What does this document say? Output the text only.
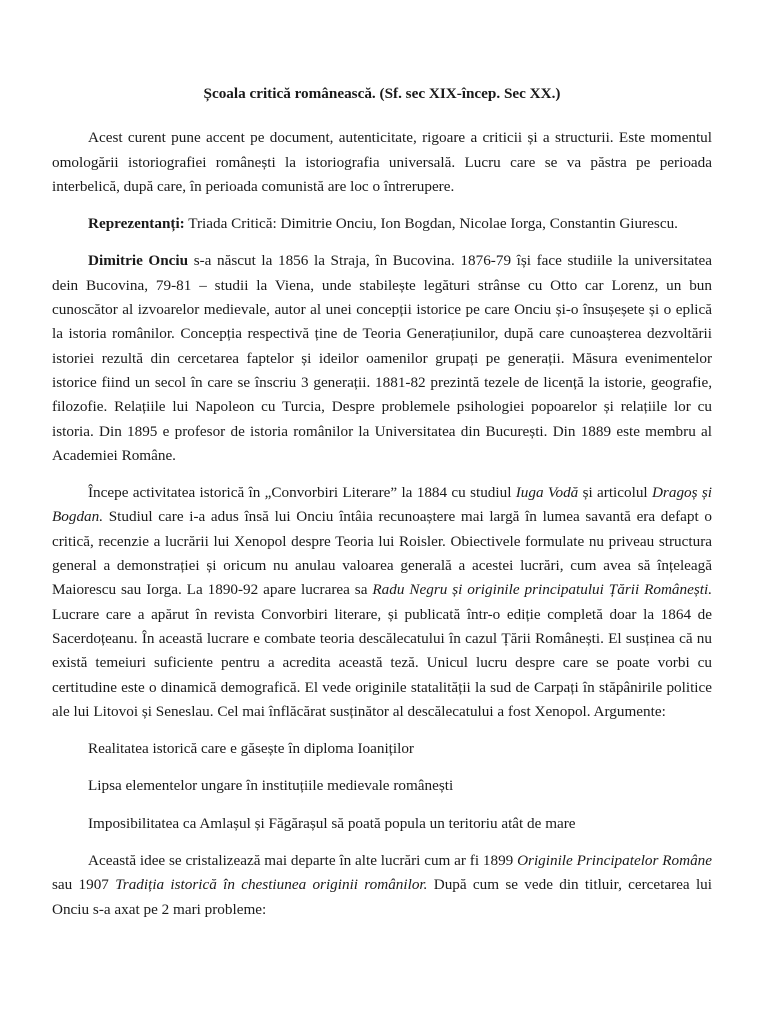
Școala critică românească. (Sf. sec XIX-încep. Sec XX.)

Acest curent pune accent pe document, autenticitate, rigoare a criticii și a structurii. Este momentul omologării istoriografiei românești la istoriografia universală. Lucru care se va păstra pe perioada interbelică, după care, în perioada comunistă are loc o întrerupere.

Reprezentanți: Triada Critică: Dimitrie Onciu, Ion Bogdan, Nicolae Iorga, Constantin Giurescu.

Dimitrie Onciu s-a născut la 1856 la Straja, în Bucovina. 1876-79 își face studiile la universitatea dein Bucovina, 79-81 – studii la Viena, unde stabilește legături strânse cu Otto car Lorenz, un bun cunoscător al izvoarelor medievale, autor al unei concepții istorice pe care Onciu și-o însușeșete și o eplică la istoria românilor. Concepția respectivă ține de Teoria Generațiunilor, după care cunoașterea dezvoltării istoriei rezultă din cercetarea faptelor și ideilor oamenilor grupați pe generații. Măsura evenimentelor istorice fiind un secol în care se înscriu 3 generații. 1881-82 prezintă tezele de licență la istorie, geografie, filozofie. Relațiile lui Napoleon cu Turcia, Despre problemele psihologiei popoarelor și relațiile lor cu istoria. Din 1895 e profesor de istoria românilor la Universitatea din București. Din 1889 este membru al Academiei Române.

Începe activitatea istorică în „Convorbiri Literare” la 1884 cu studiul Iuga Vodă și articolul Dragoș și Bogdan. Studiul care i-a adus însă lui Onciu întâia recunoaștere mai largă în lumea savantă era defapt o critică, recenzie a lucrării lui Xenopol despre Teoria lui Roisler. Obiectivele formulate nu priveau structura general a demonstrației și oricum nu anulau valoarea generală a acestei lucrări, cum avea să înțeleagă Maiorescu sau Iorga. La 1890-92 apare lucrarea sa Radu Negru și originile principatului Țării Românești. Lucrare care a apărut în revista Convorbiri literare, și publicată într-o ediție completă doar la 1864 de Sacerdoțeanu. În această lucrare e combate teoria descălecatului în cazul Țării Românești. El susținea că nu există temeiuri suficiente pentru a acredita această teză. Unicul lucru despre care se poate vorbi cu certitudine este o dinamică demografică. El vede originile statalității la sud de Carpați în stăpânirile politice ale lui Litovoi și Seneslau. Cel mai înflăcărat susținător al descălecatului a fost Xenopol. Argumente:

Realitatea istorică care e găsește în diploma Ioaniților

Lipsa elementelor ungare în instituțiile medievale românești

Imposibilitatea ca Amlașul și Făgărașul să poată popula un teritoriu atât de mare

Această idee se cristalizează mai departe în alte lucrări cum ar fi 1899 Originile Principatelor Române sau 1907 Tradiția istorică în chestiunea originii românilor. După cum se vede din titluir, cercetarea lui Onciu s-a axat pe 2 mari probleme:
